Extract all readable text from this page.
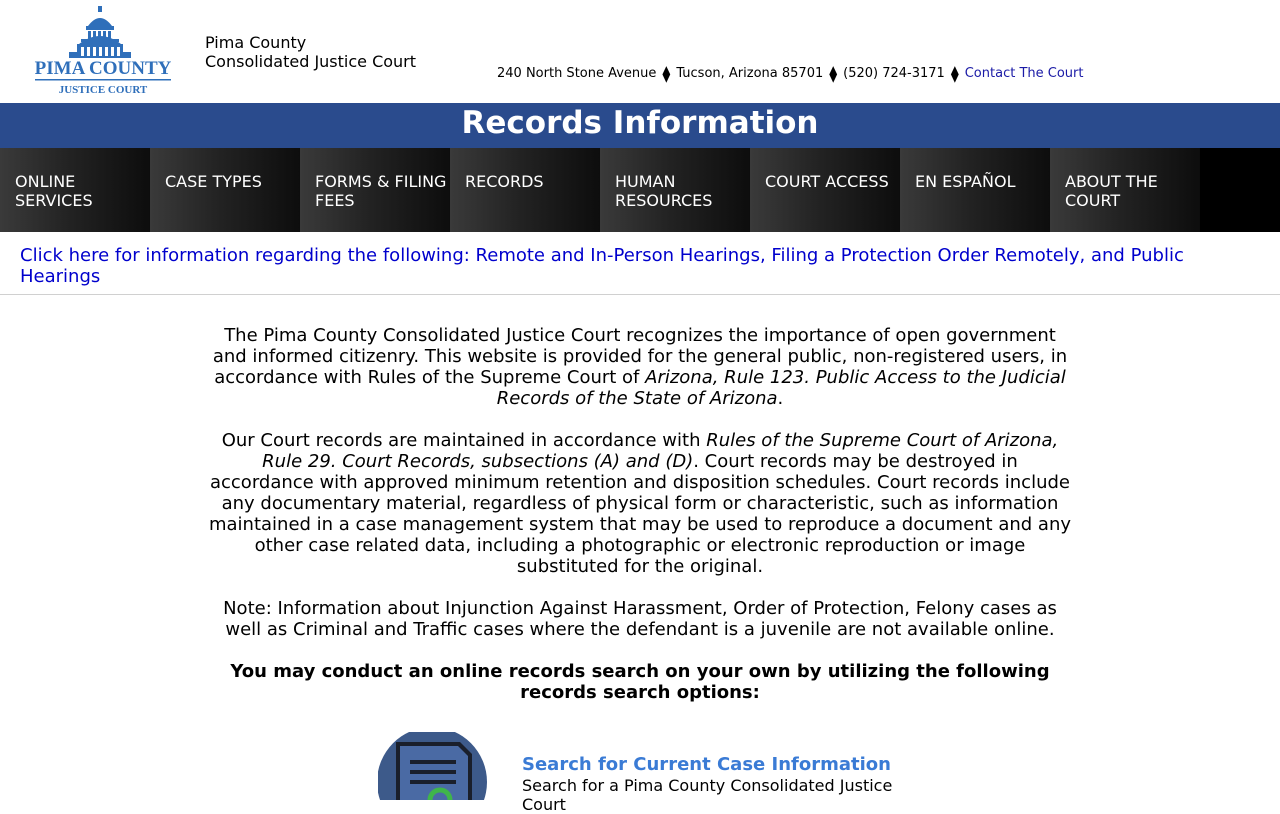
PIMA COUNTY
JUSTICE COURT
Pima County
Consolidated Justice Court
240 North Stone Avenue ⧫ Tucson, Arizona 85701 ⧫ (520) 724-3171 ⧫ Contact The Court
Records Information
ONLINE SERVICES
CASE TYPES	FORMS & FILING FEES
RECORDS	HUMAN RESOURCES
COURT ACCESS	EN ESPAÑOL	ABOUT THE COURT
Click here for information regarding the following: Remote and In-Person Hearings, Filing a Protection Order Remotely, and Public Hearings

The Pima County Consolidated Justice Court recognizes the importance of open government and informed citizenry. This website is provided for the general public, non-registered users, in accordance with Rules of the Supreme Court of Arizona, Rule 123. Public Access to the Judicial Records of the State of Arizona.

Our Court records are maintained in accordance with Rules of the Supreme Court of Arizona, Rule 29. Court Records, subsections (A) and (D). Court records may be destroyed in accordance with approved minimum retention and disposition schedules. Court records include any documentary material, regardless of physical form or characteristic, such as information maintained in a case management system that may be used to reproduce a document and any other case related data, including a photographic or electronic reproduction or image substituted for the original.

Note: Information about Injunction Against Harassment, Order of Protection, Felony cases as well as Criminal and Traffic cases where the defendant is a juvenile are not available online.

You may conduct an online records search on your own by utilizing the following records search options:

Search for Current Case Information
Search for a Pima County Consolidated Justice Court
